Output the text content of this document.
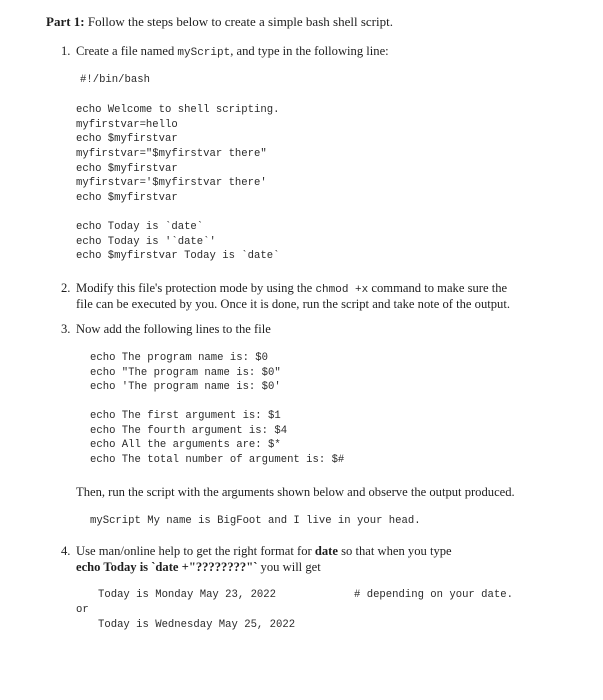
Part 1: Follow the steps below to create a simple bash shell script.
1. Create a file named myScript, and type in the following line:
#!/bin/bash
echo Welcome to shell scripting.
myfirstvar=hello
echo $myfirstvar
myfirstvar="$myfirstvar there"
echo $myfirstvar
myfirstvar='$myfirstvar there'
echo $myfirstvar
echo Today is `date`
echo Today is '`date`'
echo $myfirstvar Today is `date`
2. Modify this file's protection mode by using the chmod +x command to make sure the
file can be executed by you. Once it is done, run the script and take note of the output.
3. Now add the following lines to the file
echo The program name is: $0
echo "The program name is: $0"
echo 'The program name is: $0'
echo The first argument is: $1
echo The fourth argument is: $4
echo All the arguments are: $*
echo The total number of argument is: $#
Then, run the script with the arguments shown below and observe the output produced.
myScript My name is BigFoot and I live in your head.
4. Use man/online help to get the right format for date so that when you type
echo Today is `date +"????????"` you will get
Today is Monday May 23, 2022	# depending on your date.
or
Today is Wednesday May 25, 2022
